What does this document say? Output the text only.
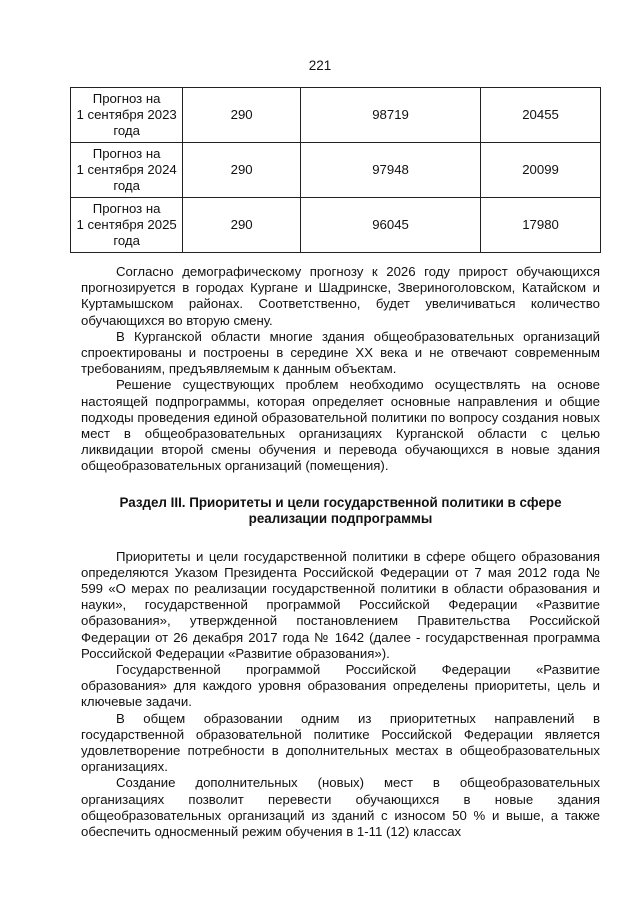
221
Прогноз на
1 сентября 2023
года	290	98719	20455
Прогноз на
1 сентября 2024
года	290	97948	20099
Прогноз на
1 сентября 2025
года	290	96045	17980

Согласно демографическому прогнозу к 2026 году прирост обучающихся прогнозируется в городах Кургане и Шадринске, Звериноголовском, Катайском и Куртамышском районах. Соответственно, будет увеличиваться количество обучающихся во вторую смену.

В Курганской области многие здания общеобразовательных организаций спроектированы и построены в середине XX века и не отвечают современным требованиям, предъявляемым к данным объектам.

Решение существующих проблем необходимо осуществлять на основе настоящей подпрограммы, которая определяет основные направления и общие подходы проведения единой образовательной политики по вопросу создания новых мест в общеобразовательных организациях Курганской области с целью ликвидации второй смены обучения и перевода обучающихся в новые здания общеобразовательных организаций (помещения).

Раздел III. Приоритеты и цели государственной политики в сфере
реализации подпрограммы

Приоритеты и цели государственной политики в сфере общего образования определяются Указом Президента Российской Федерации от 7 мая 2012 года № 599 «О мерах по реализации государственной политики в области образования и науки», государственной программой Российской Федерации «Развитие образования», утвержденной постановлением Правительства Российской Федерации от 26 декабря 2017 года № 1642 (далее - государственная программа Российской Федерации «Развитие образования»).

Государственной программой Российской Федерации «Развитие образования» для каждого уровня образования определены приоритеты, цель и ключевые задачи.

В общем образовании одним из приоритетных направлений в государственной образовательной политике Российской Федерации является удовлетворение потребности в дополнительных местах в общеобразовательных организациях.

Создание дополнительных (новых) мест в общеобразовательных организациях позволит перевести обучающихся в новые здания общеобразовательных организаций из зданий с износом 50 % и выше, а также обеспечить односменный режим обучения в 1-11 (12) классах
